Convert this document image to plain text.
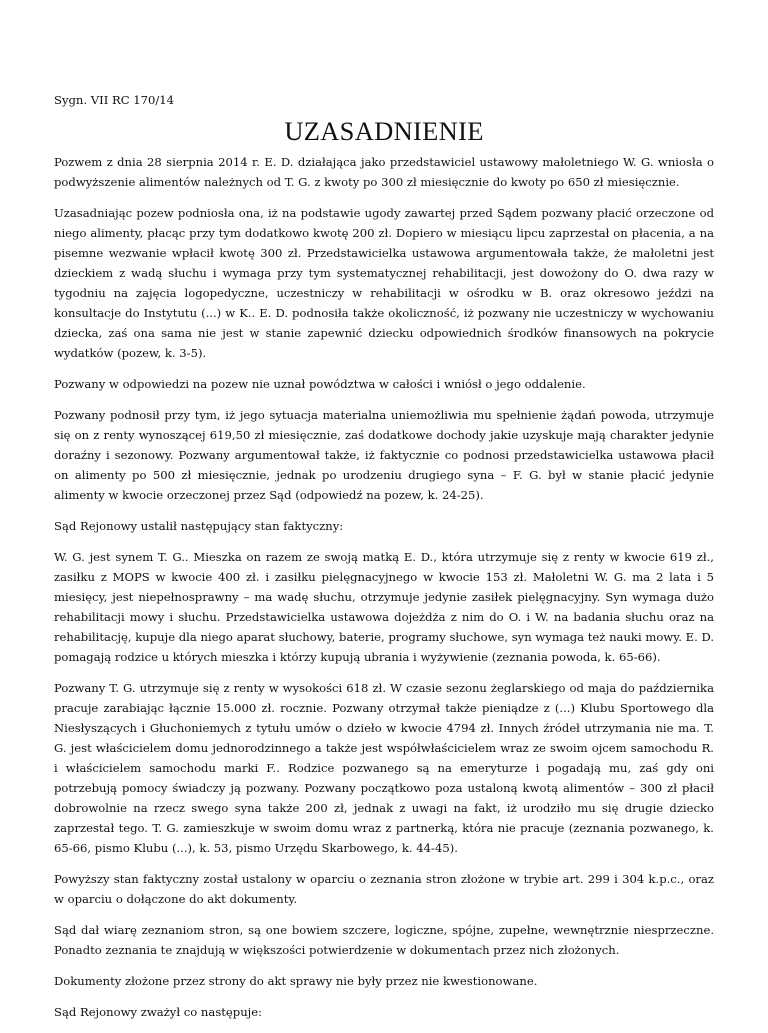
Sygn. VII RC 170/14
UZASADNIENIE

Pozwem z dnia 28 sierpnia 2014 r. E. D. działająca jako przedstawiciel ustawowy małoletniego W. G. wniosła o podwyższenie alimentów należnych od T. G. z kwoty po 300 zł miesięcznie do kwoty po 650 zł miesięcznie.

Uzasadniając pozew podniosła ona, iż na podstawie ugody zawartej przed Sądem pozwany płacić orzeczone od niego alimenty, płacąc przy tym dodatkowo kwotę 200 zł. Dopiero w miesiącu lipcu zaprzestał on płacenia, a na pisemne wezwanie wpłacił kwotę 300 zł. Przedstawicielka ustawowa argumentowała także, że małoletni jest dzieckiem z wadą słuchu i wymaga przy tym systematycznej rehabilitacji, jest dowożony do O. dwa razy w tygodniu na zajęcia logopedyczne, uczestniczy w rehabilitacji w ośrodku w B. oraz okresowo jeździ na konsultacje do Instytutu (...) w K.. E. D. podnosiła także okoliczność, iż pozwany nie uczestniczy w wychowaniu dziecka, zaś ona sama nie jest w stanie zapewnić dziecku odpowiednich środków finansowych na pokrycie wydatków (pozew, k. 3-5).

Pozwany w odpowiedzi na pozew nie uznał powództwa w całości i wniósł o jego oddalenie.

Pozwany podnosił przy tym, iż jego sytuacja materialna uniemożliwia mu spełnienie żądań powoda, utrzymuje się on z renty wynoszącej 619,50 zł miesięcznie, zaś dodatkowe dochody jakie uzyskuje mają charakter jedynie doraźny i sezonowy. Pozwany argumentował także, iż faktycznie co podnosi przedstawicielka ustawowa płacił on alimenty po 500 zł miesięcznie, jednak po urodzeniu drugiego syna – F. G. był w stanie płacić jedynie alimenty w kwocie orzeczonej przez Sąd (odpowiedź na pozew, k. 24-25).

Sąd Rejonowy ustalił następujący stan faktyczny:

W. G. jest synem T. G.. Mieszka on razem ze swoją matką E. D., która utrzymuje się z renty w kwocie 619 zł., zasiłku z MOPS w kwocie 400 zł. i zasiłku pielęgnacyjnego w kwocie 153 zł. Małoletni W. G. ma 2 lata i 5 miesięcy, jest niepełnosprawny – ma wadę słuchu, otrzymuje jedynie zasiłek pielęgnacyjny. Syn wymaga dużo rehabilitacji mowy i słuchu. Przedstawicielka ustawowa dojeżdża z nim do O. i W. na badania słuchu oraz na rehabilitację, kupuje dla niego aparat słuchowy, baterie, programy słuchowe, syn wymaga też nauki mowy. E. D. pomagają rodzice u których mieszka i którzy kupują ubrania i wyżywienie (zeznania powoda, k. 65-66).

Pozwany T. G. utrzymuje się z renty w wysokości 618 zł. W czasie sezonu żeglarskiego od maja do października pracuje zarabiając łącznie 15.000 zł. rocznie. Pozwany otrzymał także pieniądze z (...) Klubu Sportowego dla Niesłyszących i Głuchoniemych z tytułu umów o dzieło w kwocie 4794 zł. Innych źródeł utrzymania nie ma. T. G. jest właścicielem domu jednorodzinnego a także jest współwłaścicielem wraz ze swoim ojcem samochodu R. i właścicielem samochodu marki F.. Rodzice pozwanego są na emeryturze i pogadają mu, zaś gdy oni potrzebują pomocy świadczy ją pozwany. Pozwany początkowo poza ustaloną kwotą alimentów – 300 zł płacił dobrowolnie na rzecz swego syna także 200 zł, jednak z uwagi na fakt, iż urodziło mu się drugie dziecko zaprzestał tego. T. G. zamieszkuje w swoim domu wraz z partnerką, która nie pracuje (zeznania pozwanego, k. 65-66, pismo Klubu (...), k. 53, pismo Urzędu Skarbowego, k. 44-45).

Powyższy stan faktyczny został ustalony w oparciu o zeznania stron złożone w trybie art. 299 i 304 k.p.c., oraz w oparciu o dołączone do akt dokumenty.

Sąd dał wiarę zeznaniom stron, są one bowiem szczere, logiczne, spójne, zupełne, wewnętrznie niesprzeczne. Ponadto zeznania te znajdują w większości potwierdzenie w dokumentach przez nich złożonych.

Dokumenty złożone przez strony do akt sprawy nie były przez nie kwestionowane.

Sąd Rejonowy zważył co następuje:
